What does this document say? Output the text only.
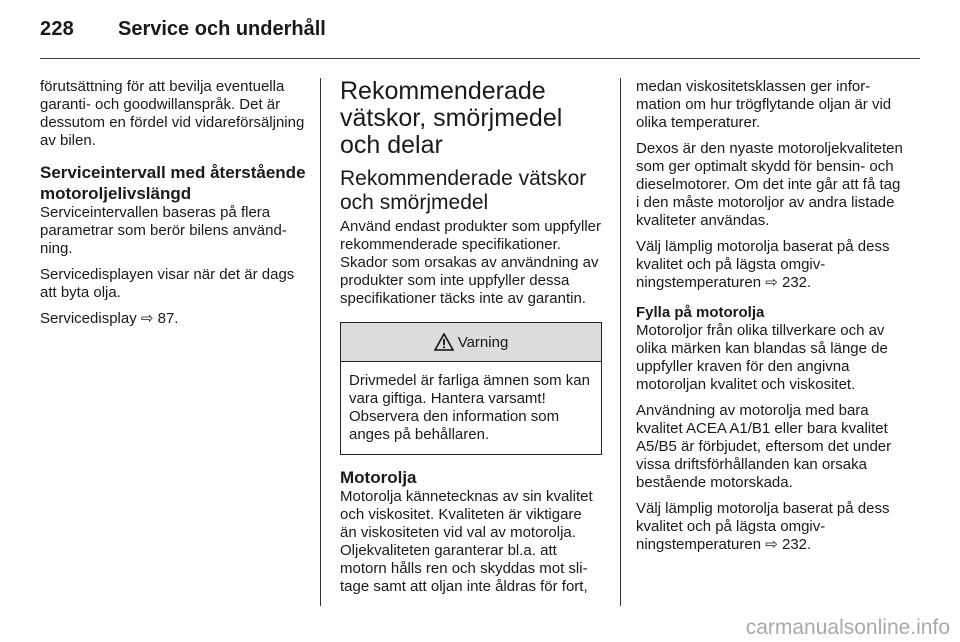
228 Service och underhåll

förutsättning för att bevilja eventuella garanti- och goodwillanspråk. Det är dessutom en fördel vid vidareförsäljning av bilen.

Serviceintervall med återstående motoroljelivslängd

Serviceintervallen baseras på flera parametrar som berör bilens användning.

Servicedisplayen visar när det är dags att byta olja.

Servicedisplay ⇨ 87.

Rekommenderade vätskor, smörjmedel och delar
Rekommenderade vätskor och smörjmedel

Använd endast produkter som uppfyller rekommenderade specifikationer. Skador som orsakas av användning av produkter som inte uppfyller dessa specifikationer täcks inte av garantin.

Varning
Drivmedel är farliga ämnen som kan vara giftiga. Hantera varsamt! Observera den information som anges på behållaren.
Motorolja

Motorolja kännetecknas av sin kvalitet och viskositet. Kvaliteten är viktigare än viskositeten vid val av motorolja. Oljekvaliteten garanterar bl.a. att motorn hålls ren och skyddas mot slitage samt att oljan inte åldras för fort,

medan viskositetsklassen ger information om hur trögflytande oljan är vid olika temperaturer.

Dexos är den nyaste motoroljekvaliteten som ger optimalt skydd för bensin- och dieselmotorer. Om det inte går att få tag i den måste motoroljor av andra listade kvaliteter användas.

Välj lämplig motorolja baserat på dess kvalitet och på lägsta omgivningstemperaturen ⇨ 232.

Fylla på motorolja

Motoroljor från olika tillverkare och av olika märken kan blandas så länge de uppfyller kraven för den angivna motoroljan kvalitet och viskositet.

Användning av motorolja med bara kvalitet ACEA A1/B1 eller bara kvalitet A5/B5 är förbjudet, eftersom det under vissa driftsförhållanden kan orsaka bestående motorskada.

Välj lämplig motorolja baserat på dess kvalitet och på lägsta omgivningstemperaturen ⇨ 232.

carmanualsonline.info
